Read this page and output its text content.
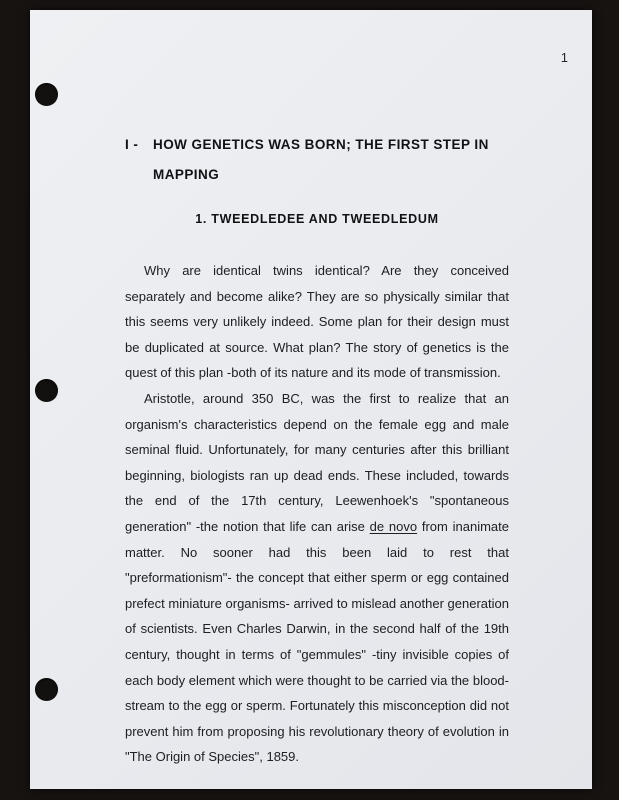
1
I -	HOW GENETICS WAS BORN; THE FIRST STEP IN
MAPPING
1. TWEEDLEDEE AND TWEEDLEDUM

Why are identical twins identical? Are they conceived separately and become alike? They are so physically similar that this seems very unlikely indeed. Some plan for their design must be duplicated at source. What plan? The story of genetics is the quest of this plan -both of its nature and its mode of transmission.

Aristotle, around 350 BC, was the first to realize that an organism's characteristics depend on the female egg and male seminal fluid. Unfortunately, for many centuries after this brilliant beginning, biologists ran up dead ends. These included, towards the end of the 17th century, Leewenhoek's "spontaneous generation" -the notion that life can arise de novo from inanimate matter. No sooner had this been laid to rest that "preformationism"- the concept that either sperm or egg contained prefect miniature organisms- arrived to mislead another generation of scientists. Even Charles Darwin, in the second half of the 19th century, thought in terms of "gemmules" -tiny invisible copies of each body element which were thought to be carried via the blood-stream to the egg or sperm. Fortunately this misconception did not prevent him from proposing his revolutionary theory of evolution in "The Origin of Species", 1859.
